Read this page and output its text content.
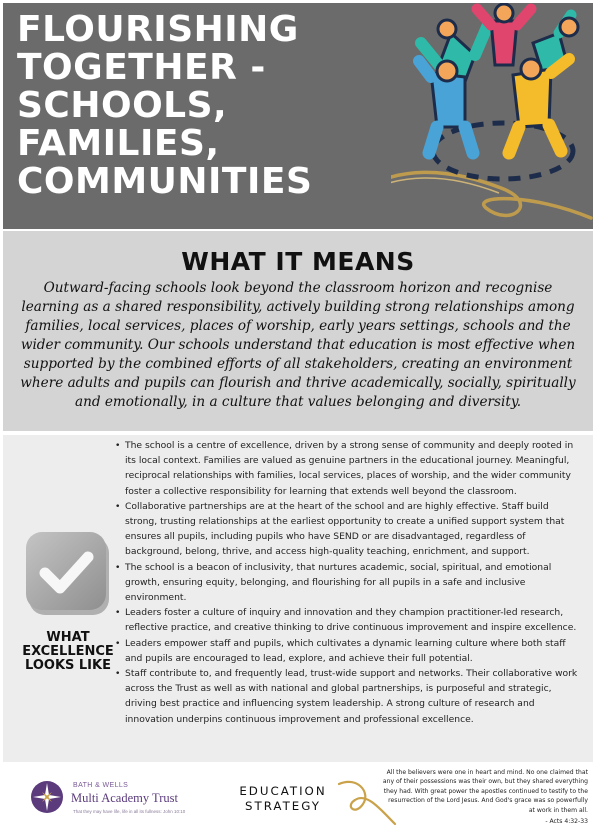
FLOURISHING
TOGETHER -
SCHOOLS,
FAMILIES,
COMMUNITIES
WHAT IT MEANS

Outward-facing schools look beyond the classroom horizon and recognise learning as a shared responsibility, actively building strong relationships among families, local services, places of worship, early years settings, schools and the wider community. Our schools understand that education is most effective when supported by the combined efforts of all stakeholders, creating an environment where adults and pupils can flourish and thrive academically, socially, spiritually and emotionally, in a culture that values belonging and diversity.

WHAT
EXCELLENCE
LOOKS LIKE
• The school is a centre of excellence, driven by a strong sense of community and deeply rooted in its local context. Families are valued as genuine partners in the educational journey. Meaningful, reciprocal relationships with families, local services, places of worship, and the wider community foster a collective responsibility for learning that extends well beyond the classroom.
• Collaborative partnerships are at the heart of the school and are highly effective. Staff build strong, trusting relationships at the earliest opportunity to create a unified support system that ensures all pupils, including pupils who have SEND or are disadvantaged, regardless of background, belong, thrive, and access high-quality teaching, enrichment, and support.
• The school is a beacon of inclusivity, that nurtures academic, social, spiritual, and emotional growth, ensuring equity, belonging, and flourishing for all pupils in a safe and inclusive environment.
• Leaders foster a culture of inquiry and innovation and they champion practitioner-led research, reflective practice, and creative thinking to drive continuous improvement and inspire excellence.
• Leaders empower staff and pupils, which cultivates a dynamic learning culture where both staff and pupils are encouraged to lead, explore, and achieve their full potential.
• Staff contribute to, and frequently lead, trust-wide support and networks. Their collaborative work across the Trust as well as with national and global partnerships, is purposeful and strategic, driving best practice and influencing system leadership. A strong culture of research and innovation underpins continuous improvement and professional excellence.

BATH & WELLS

Multi Academy Trust

That they may have life, life in all its fullness: John 10:10

EDUCATION
STRATEGY

All the believers were one in heart and mind. No one claimed that any of their possessions was their own, but they shared everything they had. With great power the apostles continued to testify to the resurrection of the Lord Jesus. And God's grace was so powerfully at work in them all.

- Acts 4:32-33
